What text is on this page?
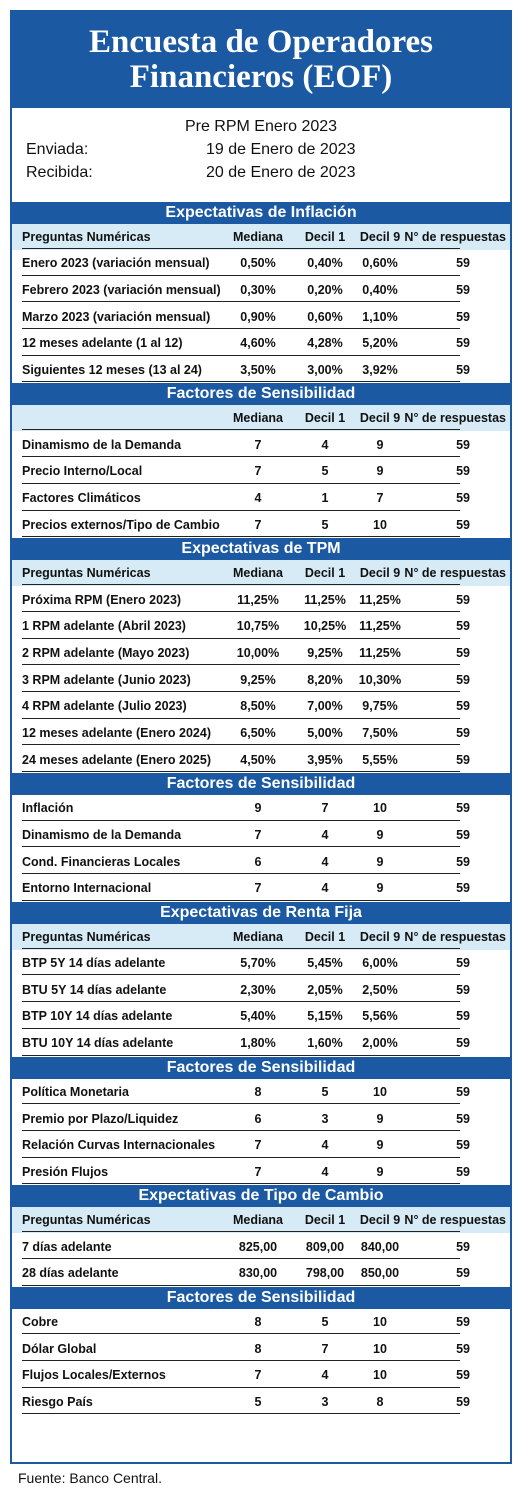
Encuesta de Operadores
Financieros (EOF)
Pre RPM Enero 2023
Enviada:	19 de Enero de 2023
Recibida:	20 de Enero de 2023
Expectativas de Inflación
Preguntas Numéricas	Mediana	Decil 1	Decil 9 N° de respuestas
Enero 2023 (variación mensual)	0,50%	0,40%	0,60%	59
Febrero 2023 (variación mensual)	0,30%	0,20%	0,40%	59
Marzo 2023 (variación mensual)	0,90%	0,60%	1,10%	59
12 meses adelante (1 al 12)	4,60%	4,28%	5,20%	59
Siguientes 12 meses (13 al 24)	3,50%	3,00%	3,92%	59
Factores de Sensibilidad
Mediana	Decil 1	Decil 9 N° de respuestas
Dinamismo de la Demanda	7	4	9	59
Precio Interno/Local	7	5	9	59
Factores Climáticos	4	1	7	59
Precios externos/Tipo de Cambio	7	5	10	59
Expectativas de TPM
Preguntas Numéricas	Mediana	Decil 1	Decil 9 N° de respuestas
Próxima RPM (Enero 2023)	11,25%	11,25%	11,25%	59
1 RPM adelante (Abril 2023)	10,75%	10,25%	11,25%	59
2 RPM adelante (Mayo 2023)	10,00%	9,25%	11,25%	59
3 RPM adelante (Junio 2023)	9,25%	8,20%	10,30%	59
4 RPM adelante (Julio 2023)	8,50%	7,00%	9,75%	59
12 meses adelante (Enero 2024)	6,50%	5,00%	7,50%	59
24 meses adelante (Enero 2025)	4,50%	3,95%	5,55%	59
Factores de Sensibilidad
Inflación	9	7	10	59
Dinamismo de la Demanda	7	4	9	59
Cond. Financieras Locales	6	4	9	59
Entorno Internacional	7	4	9	59
Expectativas de Renta Fija
Preguntas Numéricas	Mediana	Decil 1	Decil 9 N° de respuestas
BTP 5Y 14 días adelante	5,70%	5,45%	6,00%	59
BTU 5Y 14 días adelante	2,30%	2,05%	2,50%	59
BTP 10Y 14 días adelante	5,40%	5,15%	5,56%	59
BTU 10Y 14 días adelante	1,80%	1,60%	2,00%	59
Factores de Sensibilidad
Política Monetaria	8	5	10	59
Premio por Plazo/Liquidez	6	3	9	59
Relación Curvas Internacionales	7	4	9	59
Presión Flujos	7	4	9	59
Expectativas de Tipo de Cambio
Preguntas Numéricas	Mediana	Decil 1	Decil 9 N° de respuestas
7 días adelante	825,00	809,00	840,00	59
28 días adelante	830,00	798,00	850,00	59
Factores de Sensibilidad
Cobre	8	5	10	59
Dólar Global	8	7	10	59
Flujos Locales/Externos	7	4	10	59
Riesgo País	5	3	8	59
Fuente: Banco Central.
